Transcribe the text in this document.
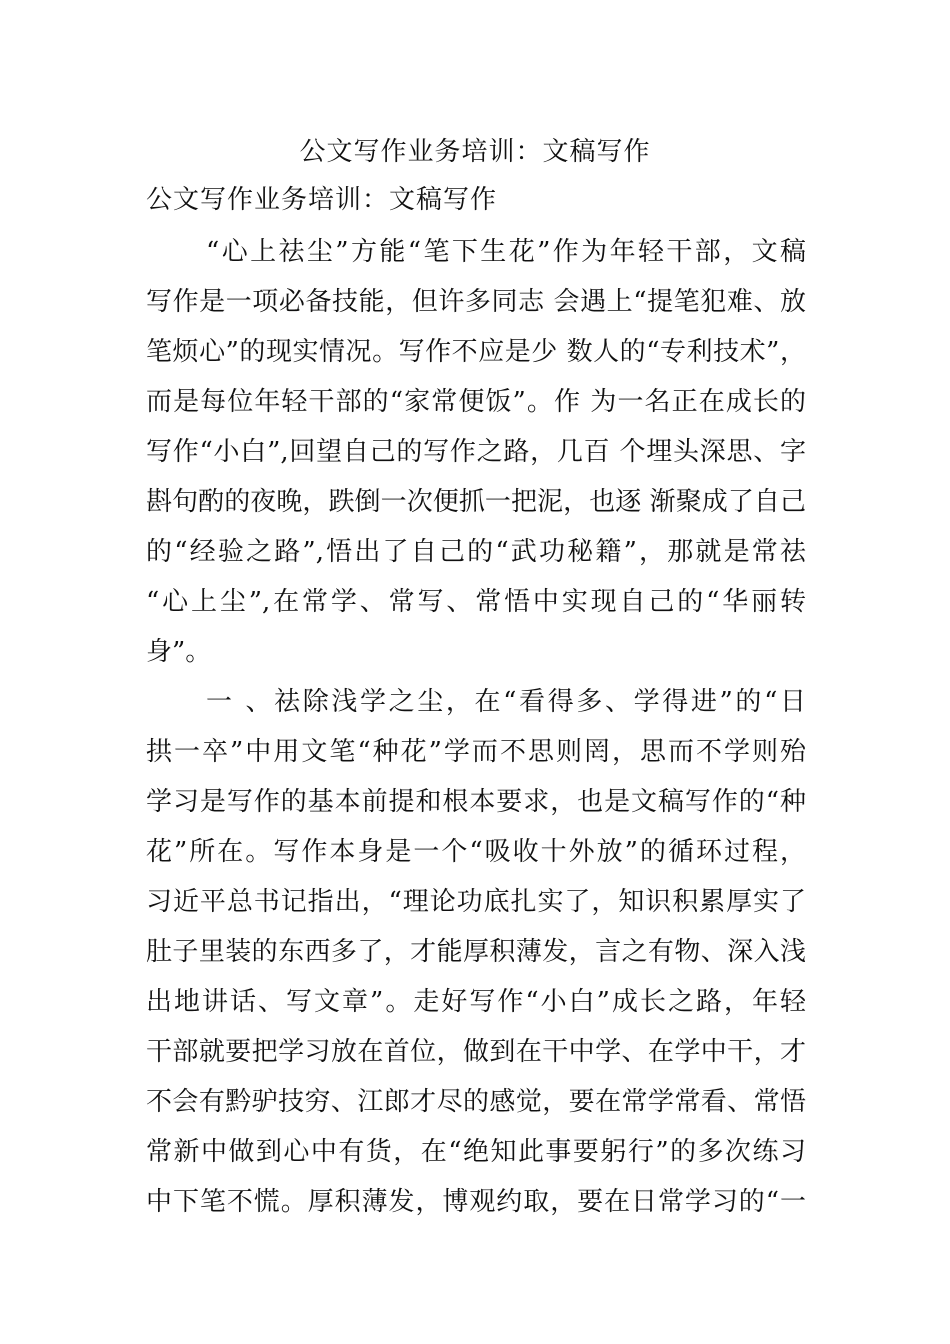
公文写作业务培训：文稿写作
公文写作业务培训：文稿写作
“心上祛尘”方能“笔下生花”作为年轻干部，文稿
写作是一项必备技能，但许多同志 会遇上“提笔犯难、放
笔烦心”的现实情况。写作不应是少 数人的“专利技术”，
而是每位年轻干部的“家常便饭”。作 为一名正在成长的
写作“小白”,回望自己的写作之路，几百 个埋头深思、字
斟句酌的夜晚，跌倒一次便抓一把泥，也逐 渐聚成了自己
的“经验之路”,悟出了自己的“武功秘籍”，那就是常祛
“心上尘”,在常学、常写、常悟中实现自己的“华丽转
身”。
一 、祛除浅学之尘，在“看得多、学得进”的“日
拱一卒”中用文笔“种花”学而不思则罔，思而不学则殆
学习是写作的基本前提和根本要求，也是文稿写作的“种
花”所在。写作本身是一个“吸收十外放”的循环过程，
习近平总书记指出，“理论功底扎实了，知识积累厚实了
肚子里装的东西多了，才能厚积薄发，言之有物、深入浅
出地讲话、写文章”。走好写作“小白”成长之路，年轻
干部就要把学习放在首位，做到在干中学、在学中干，才
不会有黔驴技穷、江郎才尽的感觉，要在常学常看、常悟
常新中做到心中有货，在“绝知此事要躬行”的多次练习
中下笔不慌。厚积薄发，博观约取，要在日常学习的“一
